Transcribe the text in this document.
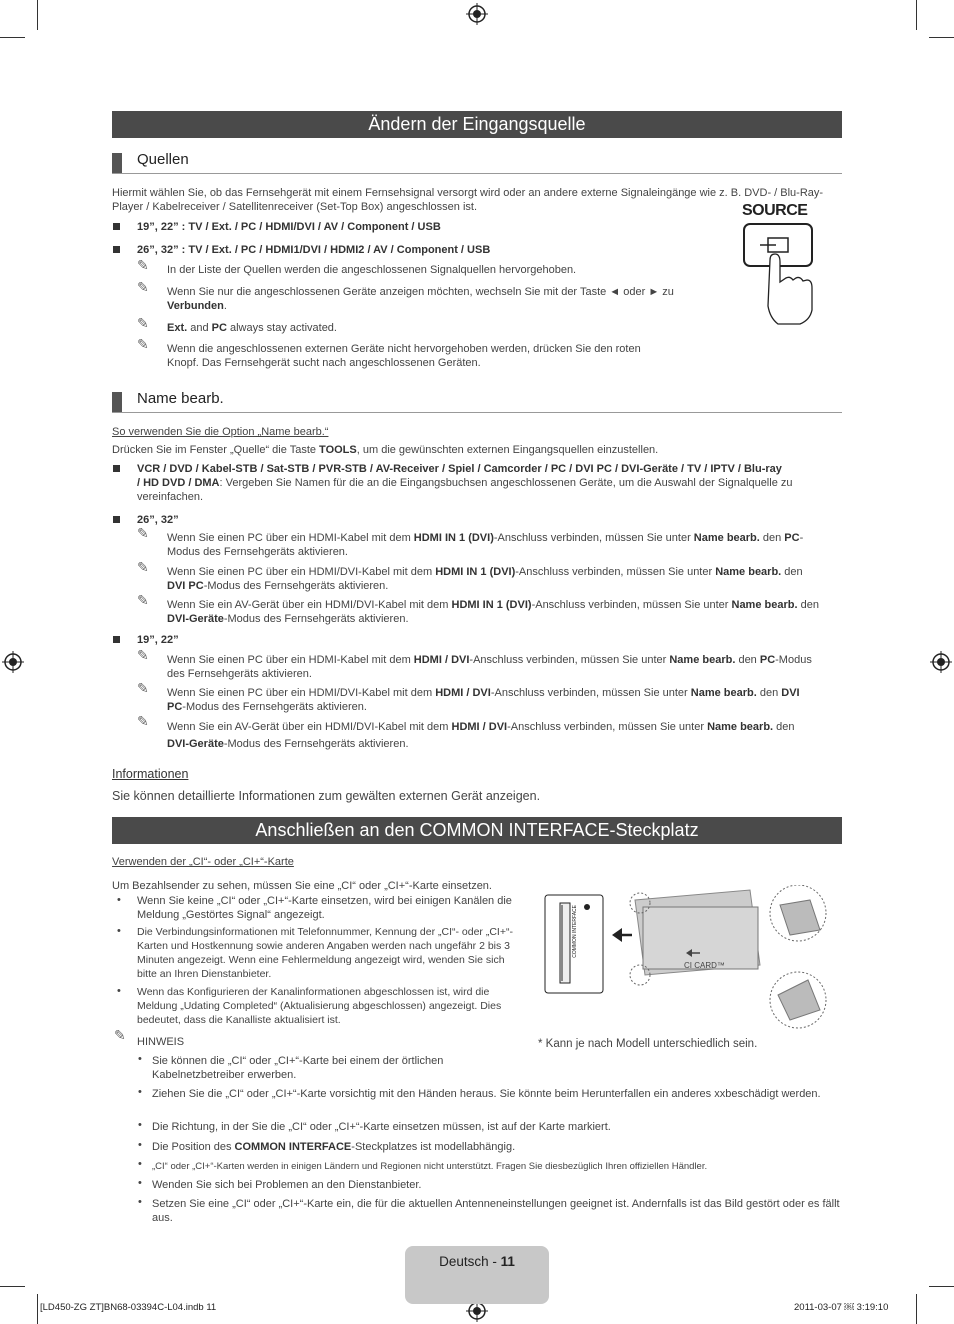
Ändern der Eingangsquelle
Quellen
Hiermit wählen Sie, ob das Fernsehgerät mit einem Fernsehsignal versorgt wird oder an andere externe Signaleingänge wie z. B. DVD- / Blu-Ray-Player / Kabelreceiver / Satellitenreceiver (Set-Top Box) angeschlossen ist.
19”, 22” : TV / Ext. / PC / HDMI/DVI / AV / Component / USB
26”, 32” : TV / Ext. / PC / HDMI1/DVI / HDMI2 / AV / Component / USB
✎ In der Liste der Quellen werden die angeschlossenen Signalquellen hervorgehoben.
✎ Wenn Sie nur die angeschlossenen Geräte anzeigen möchten, wechseln Sie mit der Taste ◄ oder ► zu
Verbunden.
✎ Ext. and PC always stay activated.
✎ Wenn die angeschlossenen externen Geräte nicht hervorgehoben werden, drücken Sie den roten
Knopf. Das Fernsehgerät sucht nach angeschlossenen Geräten.
SOURCE
Name bearb.
So verwenden Sie die Option „Name bearb.“
Drücken Sie im Fenster „Quelle“ die Taste TOOLS, um die gewünschten externen Eingangsquellen einzustellen.
VCR / DVD / Kabel-STB / Sat-STB / PVR-STB / AV-Receiver / Spiel / Camcorder / PC / DVI PC / DVI-Geräte / TV / IPTV / Blu-ray
/ HD DVD / DMA: Vergeben Sie Namen für die an die Eingangsbuchsen angeschlossenen Geräte, um die Auswahl der Signalquelle zu
vereinfachen.
26”, 32”
✎ Wenn Sie einen PC über ein HDMI-Kabel mit dem HDMI IN 1 (DVI)-Anschluss verbinden, müssen Sie unter Name bearb. den PC-
Modus des Fernsehgeräts aktivieren.
✎ Wenn Sie einen PC über ein HDMI/DVI-Kabel mit dem HDMI IN 1 (DVI)-Anschluss verbinden, müssen Sie unter Name bearb. den
DVI PC-Modus des Fernsehgeräts aktivieren.
✎ Wenn Sie ein AV-Gerät über ein HDMI/DVI-Kabel mit dem HDMI IN 1 (DVI)-Anschluss verbinden, müssen Sie unter Name bearb. den
DVI-Geräte-Modus des Fernsehgeräts aktivieren.
19”, 22”
✎ Wenn Sie einen PC über ein HDMI-Kabel mit dem HDMI / DVI-Anschluss verbinden, müssen Sie unter Name bearb. den PC-Modus
des Fernsehgeräts aktivieren.
✎ Wenn Sie einen PC über ein HDMI/DVI-Kabel mit dem HDMI / DVI-Anschluss verbinden, müssen Sie unter Name bearb. den DVI
PC-Modus des Fernsehgeräts aktivieren.
✎ Wenn Sie ein AV-Gerät über ein HDMI/DVI-Kabel mit dem HDMI / DVI-Anschluss verbinden, müssen Sie unter Name bearb. den
DVI-Geräte-Modus des Fernsehgeräts aktivieren.
Informationen
Sie können detaillierte Informationen zum gewälten externen Gerät anzeigen.
Anschließen an den COMMON INTERFACE-Steckplatz
Verwenden der „CI“- oder „CI+“-Karte
Um Bezahlsender zu sehen, müssen Sie eine „CI“ oder „CI+“-Karte einsetzen.
• Wenn Sie keine „CI“ oder „CI+“-Karte einsetzen, wird bei einigen Kanälen die Meldung „Gestörtes Signal“ angezeigt.
• Die Verbindungsinformationen mit Telefonnummer, Kennung der „CI“- oder „CI+“-Karten und Hostkennung sowie anderen Angaben werden nach ungefähr 2 bis 3 Minuten angezeigt. Wenn eine Fehlermeldung angezeigt wird, wenden Sie sich bitte an Ihren Dienstanbieter.
• Wenn das Konfigurieren der Kanalinformationen abgeschlossen ist, wird die Meldung „Udating Completed“ (Aktualisierung abgeschlossen) angezeigt. Dies bedeutet, dass die Kanalliste aktualisiert ist.
COMMON INTERFACE
CI CARD™
* Kann je nach Modell unterschiedlich sein.
✎ HINWEIS
• Sie können die „CI“ oder „CI+“-Karte bei einem der örtlichen Kabelnetzbetreiber erwerben.
• Ziehen Sie die „CI“ oder „CI+“-Karte vorsichtig mit den Händen heraus. Sie könnte beim Herunterfallen ein anderes xxbeschädigt werden.
• Die Richtung, in der Sie die „CI“ oder „CI+“-Karte einsetzen müssen, ist auf der Karte markiert.
• Die Position des COMMON INTERFACE-Steckplatzes ist modellabhängig.
• „CI“ oder „CI+“-Karten werden in einigen Ländern und Regionen nicht unterstützt. Fragen Sie diesbezüglich Ihren offiziellen Händler.
• Wenden Sie sich bei Problemen an den Dienstanbieter.
• Setzen Sie eine „CI“ oder „CI+“-Karte ein, die für die aktuellen Antenneneinstellungen geeignet ist. Andernfalls ist das Bild gestört oder es fällt aus.
Deutsch - 11
[LD450-ZG ZT]BN68-03394C-L04.indb 11	2011-03-07 ￼ 3:19:10
